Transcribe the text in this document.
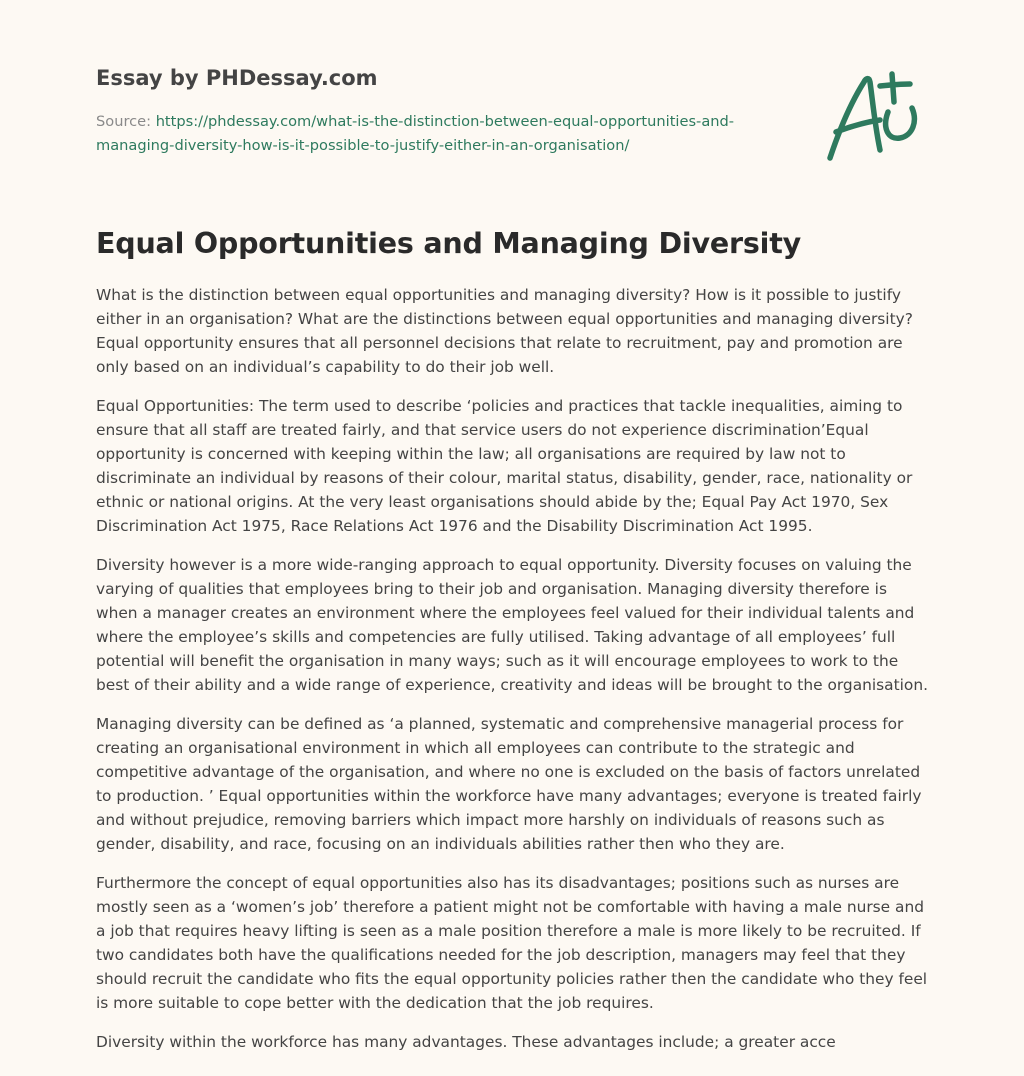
Essay by PHDessay.com
Source: https://phdessay.com/what-is-the-distinction-between-equal-opportunities-and-
managing-diversity-how-is-it-possible-to-justify-either-in-an-organisation/
Equal Opportunities and Managing Diversity

What is the distinction between equal opportunities and managing diversity? How is it possible to justify either in an organisation? What are the distinctions between equal opportunities and managing diversity? Equal opportunity ensures that all personnel decisions that relate to recruitment, pay and promotion are only based on an individual’s capability to do their job well.

Equal Opportunities: The term used to describe ‘policies and practices that tackle inequalities, aiming to ensure that all staff are treated fairly, and that service users do not experience discrimination’Equal opportunity is concerned with keeping within the law; all organisations are required by law not to discriminate an individual by reasons of their colour, marital status, disability, gender, race, nationality or ethnic or national origins. At the very least organisations should abide by the; Equal Pay Act 1970, Sex Discrimination Act 1975, Race Relations Act 1976 and the Disability Discrimination Act 1995.

Diversity however is a more wide-ranging approach to equal opportunity. Diversity focuses on valuing the varying of qualities that employees bring to their job and organisation. Managing diversity therefore is when a manager creates an environment where the employees feel valued for their individual talents and where the employee’s skills and competencies are fully utilised. Taking advantage of all employees’ full potential will benefit the organisation in many ways; such as it will encourage employees to work to the best of their ability and a wide range of experience, creativity and ideas will be brought to the organisation.

Managing diversity can be defined as ‘a planned, systematic and comprehensive managerial process for creating an organisational environment in which all employees can contribute to the strategic and competitive advantage of the organisation, and where no one is excluded on the basis of factors unrelated to production. ’ Equal opportunities within the workforce have many advantages; everyone is treated fairly and without prejudice, removing barriers which impact more harshly on individuals of reasons such as gender, disability, and race, focusing on an individuals abilities rather then who they are.

Furthermore the concept of equal opportunities also has its disadvantages; positions such as nurses are mostly seen as a ‘women’s job’ therefore a patient might not be comfortable with having a male nurse and a job that requires heavy lifting is seen as a male position therefore a male is more likely to be recruited. If two candidates both have the qualifications needed for the job description, managers may feel that they should recruit the candidate who fits the equal opportunity policies rather then the candidate who they feel is more suitable to cope better with the dedication that the job requires.

Diversity within the workforce has many advantages. These advantages include; a greater acce
